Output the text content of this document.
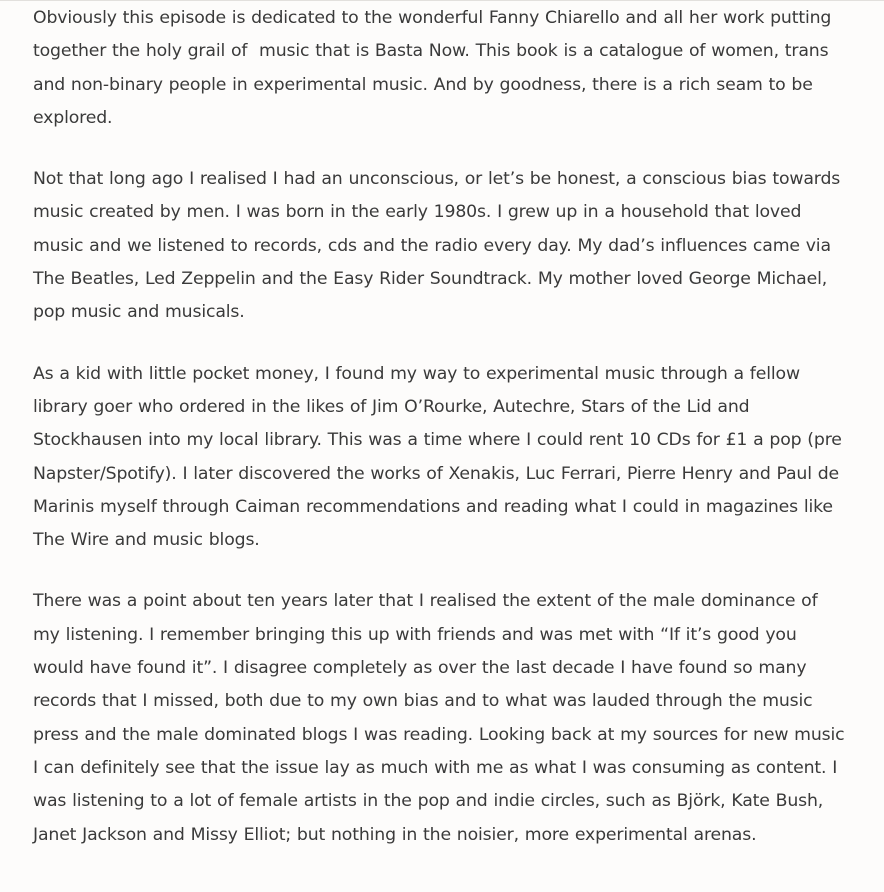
Obviously this episode is dedicated to the wonderful Fanny Chiarello and all her work putting together the holy grail of  music that is Basta Now. This book is a catalogue of women, trans and non-binary people in experimental music. And by goodness, there is a rich seam to be explored.

Not that long ago I realised I had an unconscious, or let’s be honest, a conscious bias towards music created by men. I was born in the early 1980s. I grew up in a household that loved music and we listened to records, cds and the radio every day. My dad’s influences came via The Beatles, Led Zeppelin and the Easy Rider Soundtrack. My mother loved George Michael, pop music and musicals.

As a kid with little pocket money, I found my way to experimental music through a fellow library goer who ordered in the likes of Jim O’Rourke, Autechre, Stars of the Lid and Stockhausen into my local library. This was a time where I could rent 10 CDs for £1 a pop (pre Napster/Spotify). I later discovered the works of Xenakis, Luc Ferrari, Pierre Henry and Paul de Marinis myself through Caiman recommendations and reading what I could in magazines like The Wire and music blogs.

There was a point about ten years later that I realised the extent of the male dominance of my listening. I remember bringing this up with friends and was met with “If it’s good you would have found it”. I disagree completely as over the last decade I have found so many records that I missed, both due to my own bias and to what was lauded through the music press and the male dominated blogs I was reading. Looking back at my sources for new music I can definitely see that the issue lay as much with me as what I was consuming as content. I was listening to a lot of female artists in the pop and indie circles, such as Björk, Kate Bush, Janet Jackson and Missy Elliot; but nothing in the noisier, more experimental arenas.
